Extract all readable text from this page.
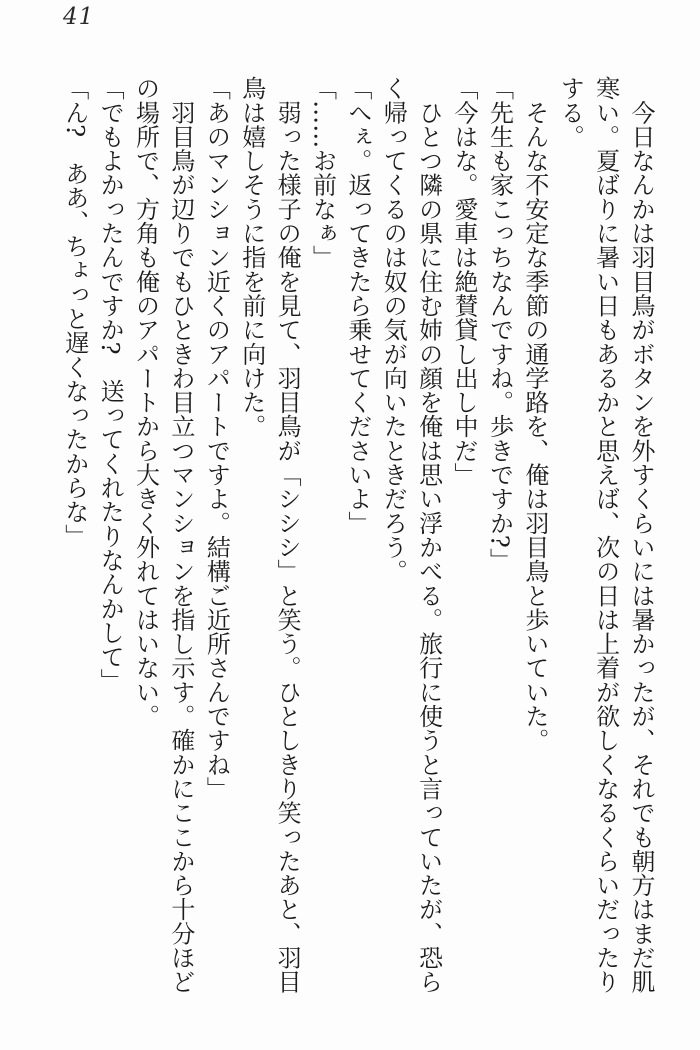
41
　今日なんかは羽目鳥がボタンを外すくらいには暑かったが、それでも朝方はまだ肌
寒い。夏ばりに暑い日もあるかと思えば、次の日は上着が欲しくなるくらいだったり
する。
　そんな不安定な季節の通学路を、俺は羽目鳥と歩いていた。
「先生も家こっちなんですね。歩きですか?」
「今はな。愛車は絶賛貸し出し中だ」
　ひとつ隣の県に住む姉の顔を俺は思い浮かべる。旅行に使うと言っていたが、恐ら
く帰ってくるのは奴の気が向いたときだろう。
「へぇ。返ってきたら乗せてくださいよ」
「……お前なぁ」
　弱った様子の俺を見て、羽目鳥が「シシシ」と笑う。ひとしきり笑ったあと、羽目
鳥は嬉しそうに指を前に向けた。
「あのマンション近くのアパートですよ。結構ご近所さんですね」
　羽目鳥が辺りでもひときわ目立つマンションを指し示す。確かにここから十分ほど
の場所で、方角も俺のアパートから大きく外れてはいない。
「でもよかったんですか?　送ってくれたりなんかして」
「ん?　ああ、ちょっと遅くなったからな」
